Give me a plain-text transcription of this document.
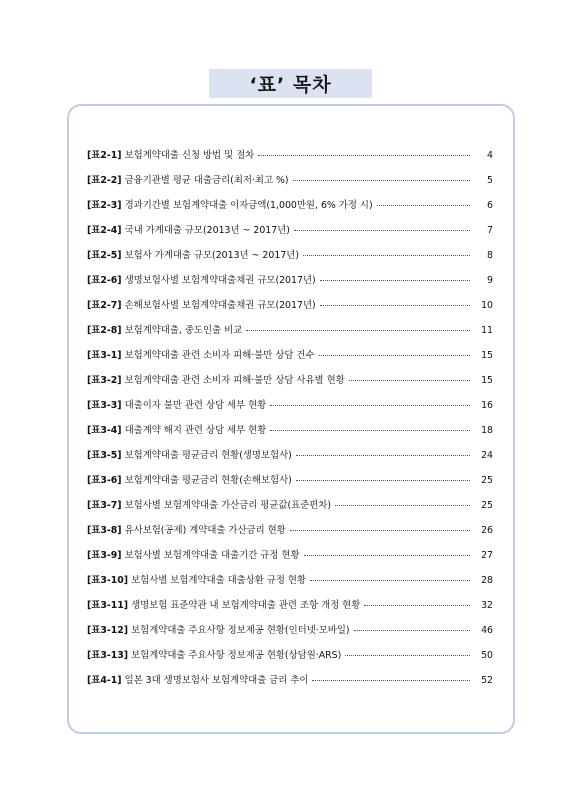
‘표’ 목차
[표2-1] 보험계약대출 신청 방법 및 절차	4
[표2-2] 금융기관별 평균 대출금리(최저·최고 %)	5
[표2-3] 경과기간별 보험계약대출 이자금액(1,000만원, 6% 가정 시)	6
[표2-4] 국내 가계대출 규모(2013년 ~ 2017년)	7
[표2-5] 보험사 가계대출 규모(2013년 ~ 2017년)	8
[표2-6] 생명보험사별 보험계약대출채권 규모(2017년)	9
[표2-7] 손해보험사별 보험계약대출채권 규모(2017년)	10
[표2-8] 보험계약대출, 중도인출 비교	11
[표3-1] 보험계약대출 관련 소비자 피해·불만 상담 건수	15
[표3-2] 보험계약대출 관련 소비자 피해·불만 상담 사유별 현황	15
[표3-3] 대출이자 불만 관련 상담 세부 현황	16
[표3-4] 대출계약 해지 관련 상담 세부 현황	18
[표3-5] 보험계약대출 평균금리 현황(생명보험사)	24
[표3-6] 보험계약대출 평균금리 현황(손해보험사)	25
[표3-7] 보험사별 보험계약대출 가산금리 평균값(표준편차)	25
[표3-8] 유사보험(공제) 계약대출 가산금리 현황	26
[표3-9] 보험사별 보험계약대출 대출기간 규정 현황	27
[표3-10] 보험사별 보험계약대출 대출상환 규정 현황	28
[표3-11] 생명보험 표준약관 내 보험계약대출 관련 조항 개정 현황	32
[표3-12] 보험계약대출 주요사항 정보제공 현황(인터넷·모바일)	46
[표3-13] 보험계약대출 주요사항 정보제공 현황(상담원·ARS)	50
[표4-1] 일본 3대 생명보험사 보험계약대출 금리 추이	52
